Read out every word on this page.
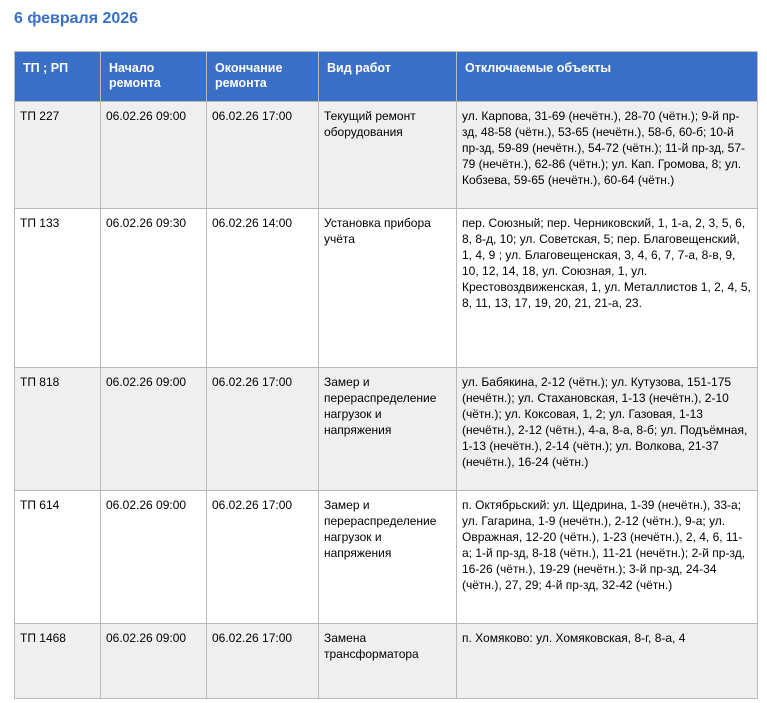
6 февраля 2026
ТП ; РП	Начало ремонта	Окончание ремонта	Вид работ	Отключаемые объекты
ТП 227	06.02.26 09:00	06.02.26 17:00	Текущий ремонт оборудования	ул. Карпова, 31-69 (нечётн.), 28-70 (чётн.); 9-й пр-зд, 48-58 (чётн.), 53-65 (нечётн.), 58-б, 60-б; 10-й пр-зд, 59-89 (нечётн.), 54-72 (чётн.); 11-й пр-зд, 57-79 (нечётн.), 62-86 (чётн.); ул. Кап. Громова, 8; ул. Кобзева, 59-65 (нечётн.), 60-64 (чётн.)
ТП 133	06.02.26 09:30	06.02.26 14:00	Установка прибора учёта	пер. Союзный; пер. Черниковский, 1, 1-а, 2, 3, 5, 6, 8, 8-д, 10; ул. Советская, 5; пер. Благовещенский, 1, 4, 9 ; ул. Благовещенская, 3, 4, 6, 7, 7-а, 8-в, 9, 10, 12, 14, 18, ул. Союзная, 1, ул. Крестовоздвиженская, 1, ул. Металлистов 1, 2, 4, 5, 8, 11, 13, 17, 19, 20, 21, 21-а, 23.
ТП 818	06.02.26 09:00	06.02.26 17:00	Замер и перераспределение нагрузок и напряжения	ул. Бабякина, 2-12 (чётн.); ул. Кутузова, 151-175 (нечётн.); ул. Стахановская, 1-13 (нечётн.), 2-10 (чётн.); ул. Коксовая, 1, 2; ул. Газовая, 1-13 (нечётн.), 2-12 (чётн.), 4-а, 8-а, 8-б; ул. Подъёмная, 1-13 (нечётн.), 2-14 (чётн.); ул. Волкова, 21-37 (нечётн.), 16-24 (чётн.)
ТП 614	06.02.26 09:00	06.02.26 17:00	Замер и перераспределение нагрузок и напряжения	п. Октябрьский: ул. Щедрина, 1-39 (нечётн.), 33-а; ул. Гагарина, 1-9 (нечётн.), 2-12 (чётн.), 9-а; ул. Овражная, 12-20 (чётн.), 1-23 (нечётн.), 2, 4, 6, 11-а; 1-й пр-зд, 8-18 (чётн.), 11-21 (нечётн.); 2-й пр-зд, 16-26 (чётн.), 19-29 (нечётн.); 3-й пр-зд, 24-34 (чётн.), 27, 29; 4-й пр-зд, 32-42 (чётн.)
ТП 1468	06.02.26 09:00	06.02.26 17:00	Замена трансформатора	п. Хомяково: ул. Хомяковская, 8-г, 8-а, 4
